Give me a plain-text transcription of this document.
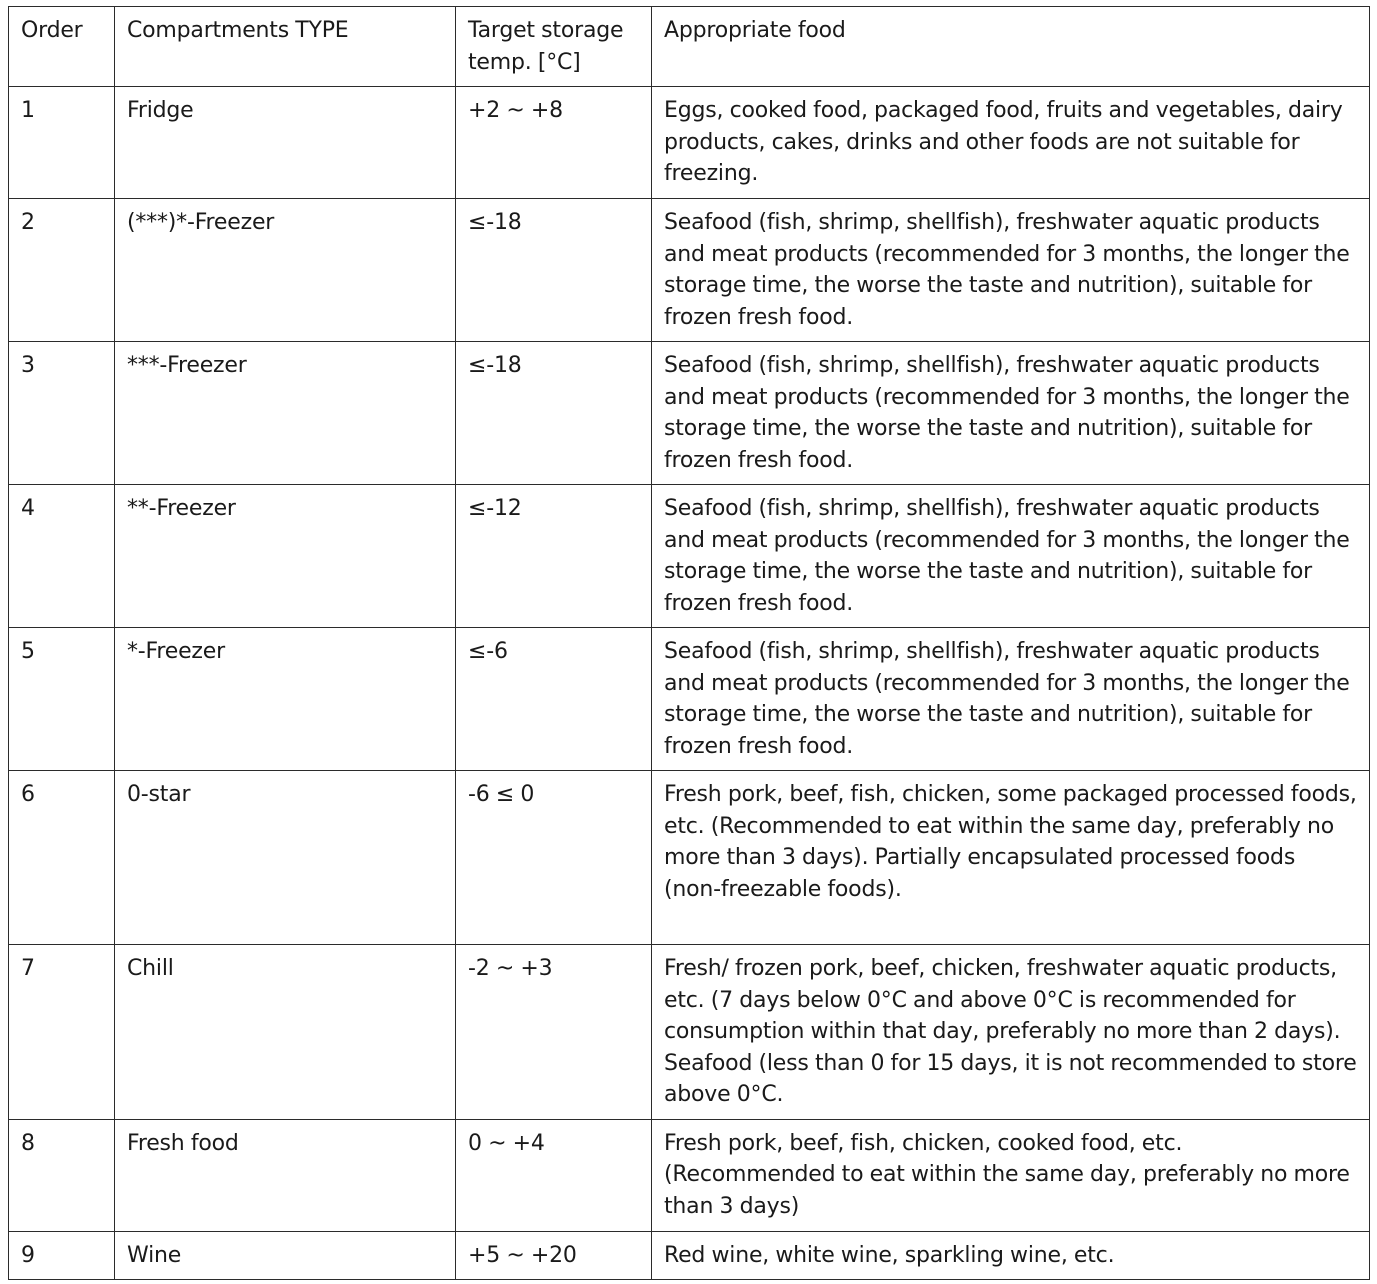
Order	Compartments TYPE	Target storage temp. [°C]	Appropriate food
1	Fridge	+2 ~ +8	Eggs, cooked food, packaged food, fruits and vegetables, dairy products, cakes, drinks and other foods are not suitable for freezing.
2	(***)*-Freezer	≤-18	Seafood (fish, shrimp, shellfish), freshwater aquatic products and meat products (recommended for 3 months, the longer the storage time, the worse the taste and nutrition), suitable for frozen fresh food.
3	***-Freezer	≤-18	Seafood (fish, shrimp, shellfish), freshwater aquatic products and meat products (recommended for 3 months, the longer the storage time, the worse the taste and nutrition), suitable for frozen fresh food.
4	**-Freezer	≤-12	Seafood (fish, shrimp, shellfish), freshwater aquatic products and meat products (recommended for 3 months, the longer the storage time, the worse the taste and nutrition), suitable for frozen fresh food.
5	*-Freezer	≤-6	Seafood (fish, shrimp, shellfish), freshwater aquatic products and meat products (recommended for 3 months, the longer the storage time, the worse the taste and nutrition), suitable for frozen fresh food.
6	0-star	-6 ≤ 0	Fresh pork, beef, fish, chicken, some packaged processed foods, etc. (Recommended to eat within the same day, preferably no more than 3 days). Partially encapsulated processed foods (non-freezable foods).
7	Chill	-2 ~ +3	Fresh/ frozen pork, beef, chicken, freshwater aquatic products, etc. (7 days below 0°C and above 0°C is recommended for consumption within that day, preferably no more than 2 days). Seafood (less than 0 for 15 days, it is not recommended to store above 0°C.
8	Fresh food	0 ~ +4	Fresh pork, beef, fish, chicken, cooked food, etc. (Recommended to eat within the same day, preferably no more than 3 days)
9	Wine	+5 ~ +20	Red wine, white wine, sparkling wine, etc.
